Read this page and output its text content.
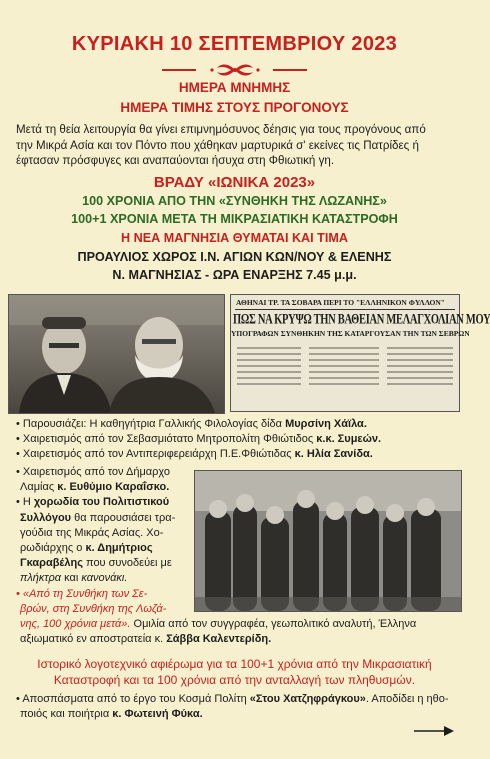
ΚΥΡΙΑΚΗ 10 ΣΕΠΤΕΜΒΡΙΟΥ 2023

ΗΜΕΡΑ ΜΝΗΜΗΣ
ΗΜΕΡΑ ΤΙΜΗΣ ΣΤΟΥΣ ΠΡΟΓΟΝΟΥΣ
Μετά τη θεία λειτουργία θα γίνει επιμνημόσυνος δέησις για τους προγόνους από
την Μικρά Ασία και τον Πόντο που χάθηκαν μαρτυρικά σ' εκείνες τις Πατρίδες ή
έφτασαν πρόσφυγες και αναπαύονται ήσυχα στη Φθιωτική γη.
ΒΡΑΔΥ «ΙΩΝΙΚΑ 2023»
100 ΧΡΟΝΙΑ ΑΠΟ ΤΗΝ «ΣΥΝΘΗΚΗ ΤΗΣ ΛΩΖΑΝΗΣ»
100+1 ΧΡΟΝΙΑ ΜΕΤΑ ΤΗ ΜΙΚΡΑΣΙΑΤΙΚΗ ΚΑΤΑΣΤΡΟΦΗ
Η ΝΕΑ ΜΑΓΝΗΣΙΑ ΘΥΜΑΤΑΙ ΚΑΙ ΤΙΜΑ
ΠΡΟΑΥΛΙΟΣ ΧΩΡΟΣ Ι.Ν. ΑΓΙΩΝ ΚΩΝ/ΝΟΥ & ΕΛΕΝΗΣ
Ν. ΜΑΓΝΗΣΙΑΣ - ΩΡΑ ΕΝΑΡΞΗΣ 7.45 μ.μ.
ΑΘΗΝΑΙ ΤΡ. ΤΑ ΣΟΒΑΡΑ ΠΕΡΙ ΤΟ "ΕΛΛΗΝΙΚΟΝ ΦΥΛΛΟΝ"
ΠΩΣ ΝΑ ΚΡΥΨΩ ΤΗΝ ΒΑΘΕΙΑΝ ΜΕΛΑΓΧΟΛΙΑΝ ΜΟΥ
ΥΠΟΓΡΑΦΩΝ ΣΥΝΘΗΚΗΝ ΤΗΣ ΚΑΤΑΡΓΟΥΣΑΝ ΤΗΝ ΤΩΝ ΣΕΒΡΩΝ
• Παρουσιάζει: Η καθηγήτρια Γαλλικής Φιλολογίας δίδα Μυρσίνη Χάϊλα.
• Χαιρετισμός από τον Σεβασμιότατο Μητροπολίτη Φθιώτιδος κ.κ. Συμεών.
• Χαιρετισμός από τον Αντιπεριφερειάρχη Π.Ε.Φθιώτιδας κ. Ηλία Σανίδα.
• Χαιρετισμός από τον Δήμαρχο
Λαμίας κ. Ευθύμιο Καραΐσκο.
• Η χορωδία του Πολιτιστικού
Συλλόγου θα παρουσιάσει τρα-
γούδια της Μικράς Ασίας. Χο-
ρωδιάρχης ο κ. Δημήτριος
Γκαραβέλης που συνοδεύει με
πλήκτρα και κανονάκι.
• «Από τη Συνθήκη των Σε-
βρών, στη Συνθήκη της Λωζά-
νης, 100 χρόνια μετά». Ομιλία από τον συγγραφέα, γεωπολιτικό αναλυτή, Έλληνα
αξιωματικό εν αποστρατεία κ. Σάββα Καλεντερίδη.
Ιστορικό λογοτεχνικό αφιέρωμα για τα 100+1 χρόνια από την Μικρασιατική
Καταστροφή και τα 100 χρόνια από την ανταλλαγή των πληθυσμών.
• Αποσπάσματα από το έργο του Κοσμά Πολίτη «Στου Χατζηφράγκου». Αποδίδει η ηθο-
ποιός και ποιήτρια κ. Φωτεινή Φύκα.
